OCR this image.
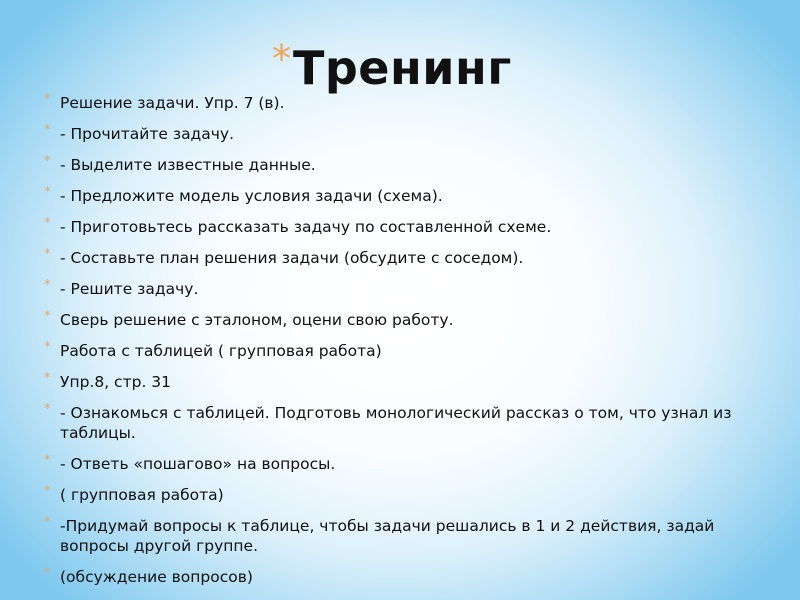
* Тренинг
* Решение задачи. Упр. 7 (в).
* - Прочитайте задачу.
* - Выделите известные данные.
* - Предложите модель условия задачи (схема).
* - Приготовьтесь рассказать задачу по составленной схеме.
* - Составьте план решения задачи (обсудите с соседом).
* - Решите задачу.
* Сверь решение с эталоном, оцени свою работу.
* Работа с таблицей ( групповая работа)
* Упр.8, стр. 31
* - Ознакомься с таблицей. Подготовь монологический рассказ о том, что узнал из таблицы.
* - Ответь «пошагово» на вопросы.
* ( групповая работа)
* -Придумай вопросы к таблице, чтобы задачи решались в 1 и 2 действия, задай вопросы другой группе.
* (обсуждение вопросов)
